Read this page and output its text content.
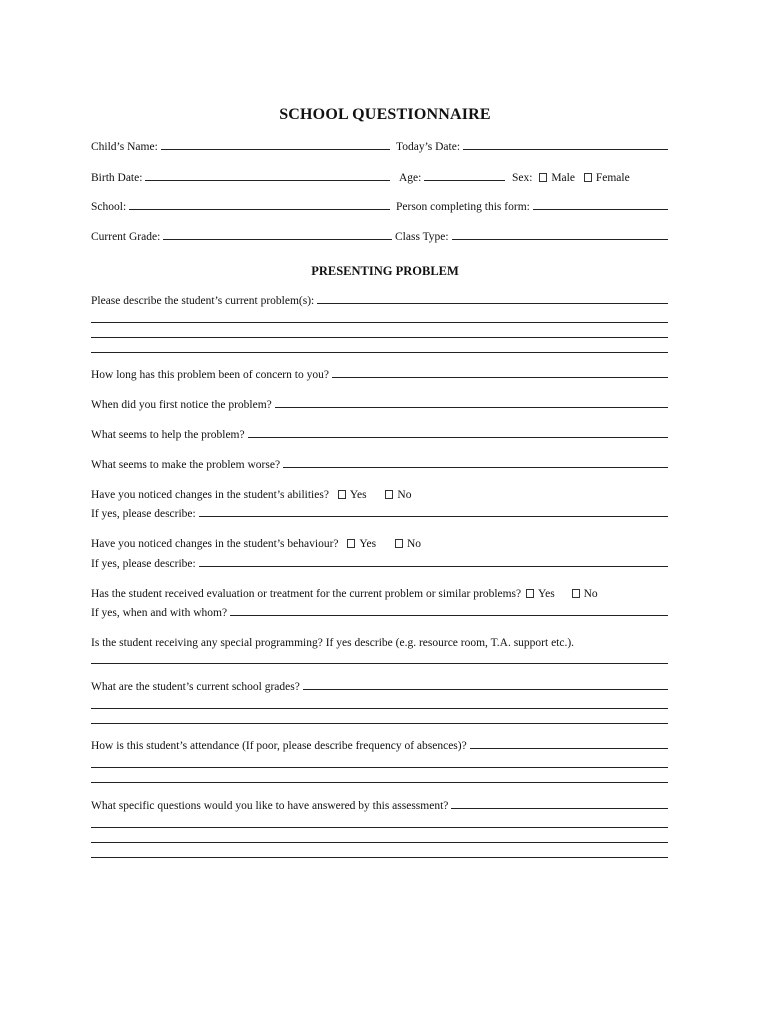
SCHOOL QUESTIONNAIRE
Child’s Name:	Today’s Date:
Birth Date:	Age:	Sex: Male Female
School:	Person completing this form:
Current Grade:	Class Type:
PRESENTING PROBLEM
Please describe the student’s current problem(s):
How long has this problem been of concern to you?
When did you first notice the problem?
What seems to help the problem?
What seems to make the problem worse?
Have you noticed changes in the student’s abilities? Yes	No
If yes, please describe:
Have you noticed changes in the student’s behaviour? Yes	No
If yes, please describe:
Has the student received evaluation or treatment for the current problem or similar problems? Yes	No
If yes, when and with whom?
Is the student receiving any special programming? If yes describe (e.g. resource room, T.A. support etc.).
What are the student’s current school grades?
How is this student’s attendance (If poor, please describe frequency of absences)?
What specific questions would you like to have answered by this assessment?
